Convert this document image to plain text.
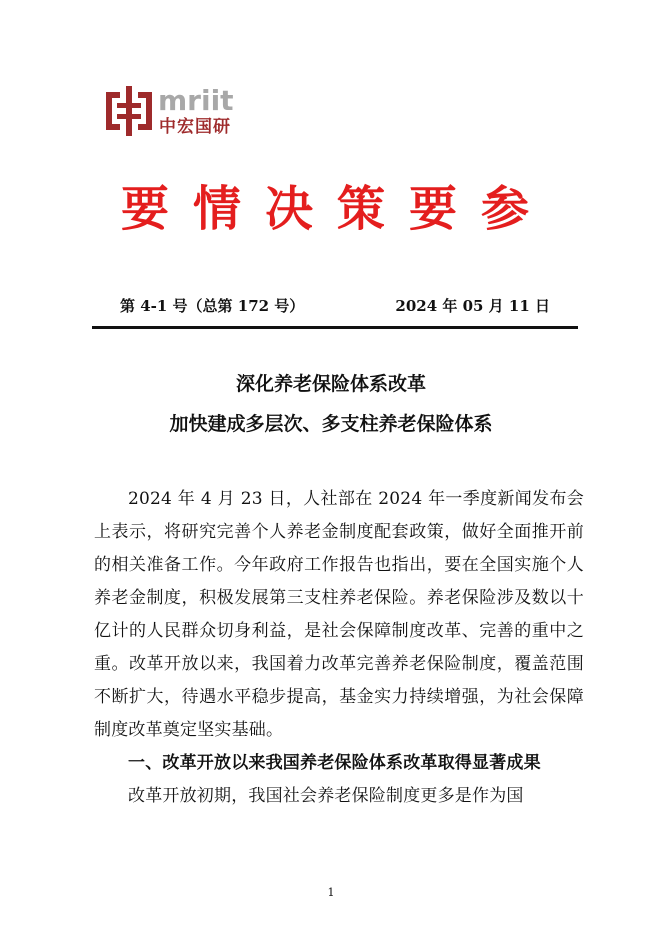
mriit
中宏国研
要情决策要参
第 4-1 号（总第 172 号）	2024 年 05 月 11 日
深化养老保险体系改革
加快建成多层次、多支柱养老保险体系

2024 年 4 月 23 日，人社部在 2024 年一季度新闻发布会上表示，将研究完善个人养老金制度配套政策，做好全面推开前的相关准备工作。今年政府工作报告也指出，要在全国实施个人养老金制度，积极发展第三支柱养老保险。养老保险涉及数以十亿计的人民群众切身利益，是社会保障制度改革、完善的重中之重。改革开放以来，我国着力改革完善养老保险制度，覆盖范围不断扩大，待遇水平稳步提高，基金实力持续增强，为社会保障制度改革奠定坚实基础。

一、改革开放以来我国养老保险体系改革取得显著成果

改革开放初期，我国社会养老保险制度更多是作为国

1
